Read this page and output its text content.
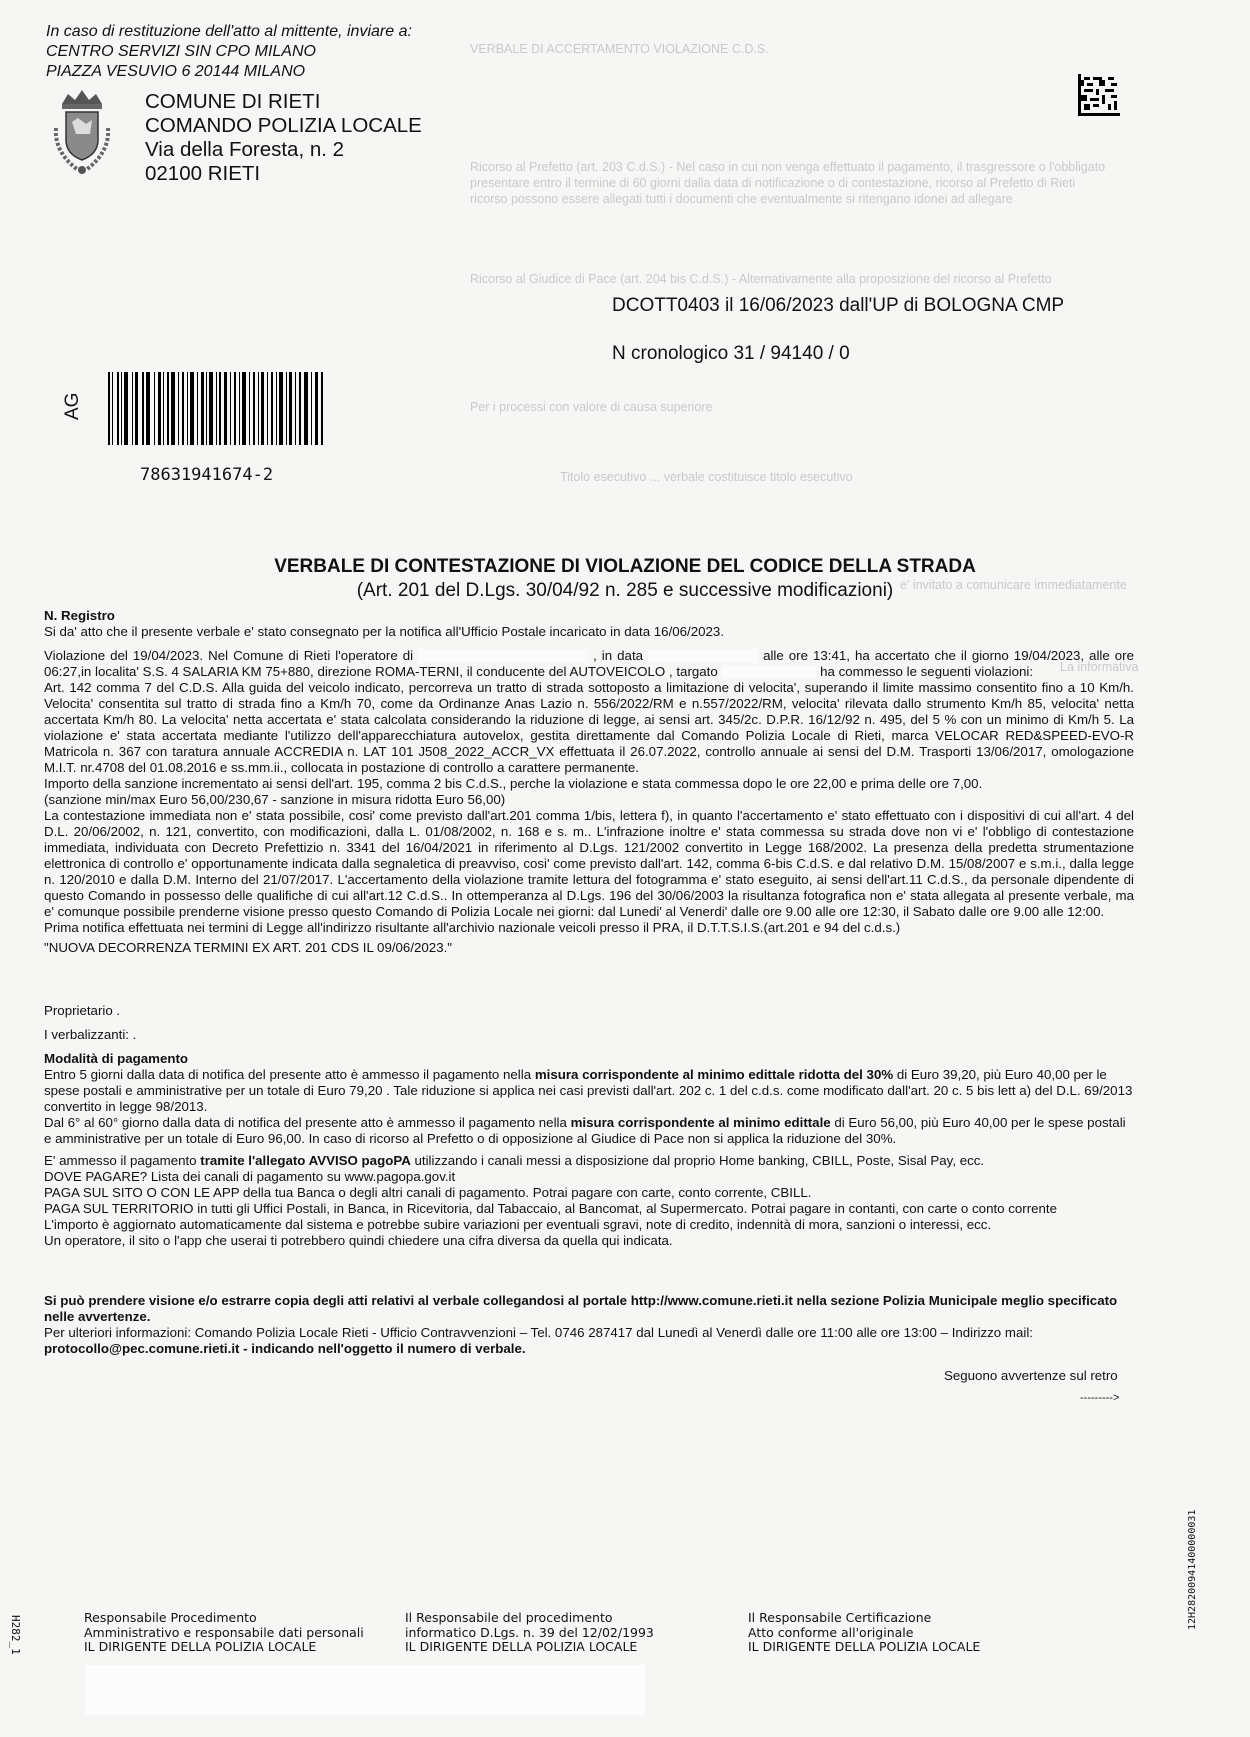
VERBALE DI ACCERTAMENTO VIOLAZIONE C.D.S.
Ricorso al Prefetto (art. 203 C.d.S.) - Nel caso in cui non venga effettuato il pagamento, il trasgressore o l'obbligato
presentare entro il termine di 60 giorni dalla data di notificazione o di contestazione, ricorso al Prefetto di Rieti
ricorso possono essere allegati tutti i documenti che eventualmente si ritengano idonei ad allegare
Ricorso al Giudice di Pace (art. 204 bis C.d.S.) - Alternativamente alla proposizione del ricorso al Prefetto
Per i processi con valore di causa superiore
Titolo esecutivo ... verbale costituisce titolo esecutivo
e' invitato a comunicare immediatamente
La informativa
In caso di restituzione dell'atto al mittente, inviare a:
CENTRO SERVIZI SIN CPO MILANO
PIAZZA VESUVIO 6 20144 MILANO
COMUNE DI RIETI
COMANDO POLIZIA LOCALE
Via della Foresta, n. 2
02100 RIETI
DCOTT0403 il 16/06/2023 dall'UP di BOLOGNA CMP
N cronologico 31 / 94140 / 0
AG
78631941674-2
VERBALE DI CONTESTAZIONE DI VIOLAZIONE DEL CODICE DELLA STRADA
(Art. 201 del D.Lgs. 30/04/92 n. 285 e successive modificazioni)

N. Registro

Si da' atto che il presente verbale e' stato consegnato per la notifica all'Ufficio Postale incaricato in data 16/06/2023.

Violazione del 19/04/2023. Nel Comune di Rieti l'operatore di	, in data	alle ore 13:41, ha accertato che il giorno 19/04/2023, alle ore 06:27,in localita' S.S. 4 SALARIA KM 75+880, direzione ROMA-TERNI, il conducente del AUTOVEICOLO , targato	ha commesso le seguenti violazioni:

Art. 142 comma 7 del C.D.S. Alla guida del veicolo indicato, percorreva un tratto di strada sottoposto a limitazione di velocita', superando il limite massimo consentito fino a 10 Km/h. Velocita' consentita sul tratto di strada fino a Km/h 70, come da Ordinanze Anas Lazio n. 556/2022/RM e n.557/2022/RM, velocita' rilevata dallo strumento Km/h 85, velocita' netta accertata Km/h 80. La velocita' netta accertata e' stata calcolata considerando la riduzione di legge, ai sensi art. 345/2c. D.P.R. 16/12/92 n. 495, del 5 % con un minimo di Km/h 5. La violazione e' stata accertata mediante l'utilizzo dell'apparecchiatura autovelox, gestita direttamente dal Comando Polizia Locale di Rieti, marca VELOCAR RED&SPEED-EVO-R Matricola n. 367 con taratura annuale ACCREDIA n. LAT 101 J508_2022_ACCR_VX effettuata il 26.07.2022, controllo annuale ai sensi del D.M. Trasporti 13/06/2017, omologazione M.I.T. nr.4708 del 01.08.2016 e ss.mm.ii., collocata in postazione di controllo a carattere permanente.

Importo della sanzione incrementato ai sensi dell'art. 195, comma 2 bis C.d.S., perche la violazione e stata commessa dopo le ore 22,00 e prima delle ore 7,00.

(sanzione min/max Euro 56,00/230,67 - sanzione in misura ridotta Euro 56,00)

La contestazione immediata non e' stata possibile, cosi' come previsto dall'art.201 comma 1/bis, lettera f), in quanto l'accertamento e' stato effettuato con i dispositivi di cui all'art. 4 del D.L. 20/06/2002, n. 121, convertito, con modificazioni, dalla L. 01/08/2002, n. 168 e s. m.. L'infrazione inoltre e' stata commessa su strada dove non vi e' l'obbligo di contestazione immediata, individuata con Decreto Prefettizio n. 3341 del 16/04/2021 in riferimento al D.Lgs. 121/2002 convertito in Legge 168/2002. La presenza della predetta strumentazione elettronica di controllo e' opportunamente indicata dalla segnaletica di preavviso, cosi' come previsto dall'art. 142, comma 6-bis C.d.S. e dal relativo D.M. 15/08/2007 e s.m.i., dalla legge n. 120/2010 e dalla D.M. Interno del 21/07/2017. L'accertamento della violazione tramite lettura del fotogramma e' stato eseguito, ai sensi dell'art.11 C.d.S., da personale dipendente di questo Comando in possesso delle qualifiche di cui all'art.12 C.d.S.. In ottemperanza al D.Lgs. 196 del 30/06/2003 la risultanza fotografica non e' stata allegata al presente verbale, ma e' comunque possibile prenderne visione presso questo Comando di Polizia Locale nei giorni: dal Lunedi' al Venerdi' dalle ore 9.00 alle ore 12:30, il Sabato dalle ore 9.00 alle 12:00.

Prima notifica effettuata nei termini di Legge all'indirizzo risultante all'archivio nazionale veicoli presso il PRA, il D.T.T.S.I.S.(art.201 e 94 del c.d.s.)

"NUOVA DECORRENZA TERMINI EX ART. 201 CDS IL 09/06/2023."

Proprietario .
I verbalizzanti: .

Modalità di pagamento

Entro 5 giorni dalla data di notifica del presente atto è ammesso il pagamento nella misura corrispondente al minimo edittale ridotta del 30% di Euro 39,20, più Euro 40,00 per le spese postali e amministrative per un totale di Euro 79,20 . Tale riduzione si applica nei casi previsti dall'art. 202 c. 1 del c.d.s. come modificato dall'art. 20 c. 5 bis lett a) del D.L. 69/2013 convertito in legge 98/2013.

Dal 6° al 60° giorno dalla data di notifica del presente atto è ammesso il pagamento nella misura corrispondente al minimo edittale di Euro 56,00, più Euro 40,00 per le spese postali e amministrative per un totale di Euro 96,00. In caso di ricorso al Prefetto o di opposizione al Giudice di Pace non si applica la riduzione del 30%.

E' ammesso il pagamento tramite l'allegato AVVISO pagoPA utilizzando i canali messi a disposizione dal proprio Home banking, CBILL, Poste, Sisal Pay, ecc.

DOVE PAGARE? Lista dei canali di pagamento su www.pagopa.gov.it

PAGA SUL SITO O CON LE APP della tua Banca o degli altri canali di pagamento. Potrai pagare con carte, conto corrente, CBILL.

PAGA SUL TERRITORIO in tutti gli Uffici Postali, in Banca, in Ricevitoria, dal Tabaccaio, al Bancomat, al Supermercato. Potrai pagare in contanti, con carte o conto corrente

L'importo è aggiornato automaticamente dal sistema e potrebbe subire variazioni per eventuali sgravi, note di credito, indennità di mora, sanzioni o interessi, ecc.

Un operatore, il sito o l'app che userai ti potrebbero quindi chiedere una cifra diversa da quella qui indicata.

Si può prendere visione e/o estrarre copia degli atti relativi al verbale collegandosi al portale http://www.comune.rieti.it nella sezione Polizia Municipale meglio specificato nelle avvertenze.

Per ulteriori informazioni: Comando Polizia Locale Rieti - Ufficio Contravvenzioni – Tel. 0746 287417 dal Lunedì al Venerdì dalle ore 11:00 alle ore 13:00 – Indirizzo mail:

protocollo@pec.comune.rieti.it - indicando nell'oggetto il numero di verbale.

Seguono avvertenze sul retro
--------->
12H28200941400000031
Responsabile Procedimento
Amministrativo e responsabile dati personali
IL DIRIGENTE DELLA POLIZIA LOCALE
Il Responsabile del procedimento
informatico D.Lgs. n. 39 del 12/02/1993
IL DIRIGENTE DELLA POLIZIA LOCALE
Il Responsabile Certificazione
Atto conforme all'originale
IL DIRIGENTE DELLA POLIZIA LOCALE
H282_1
